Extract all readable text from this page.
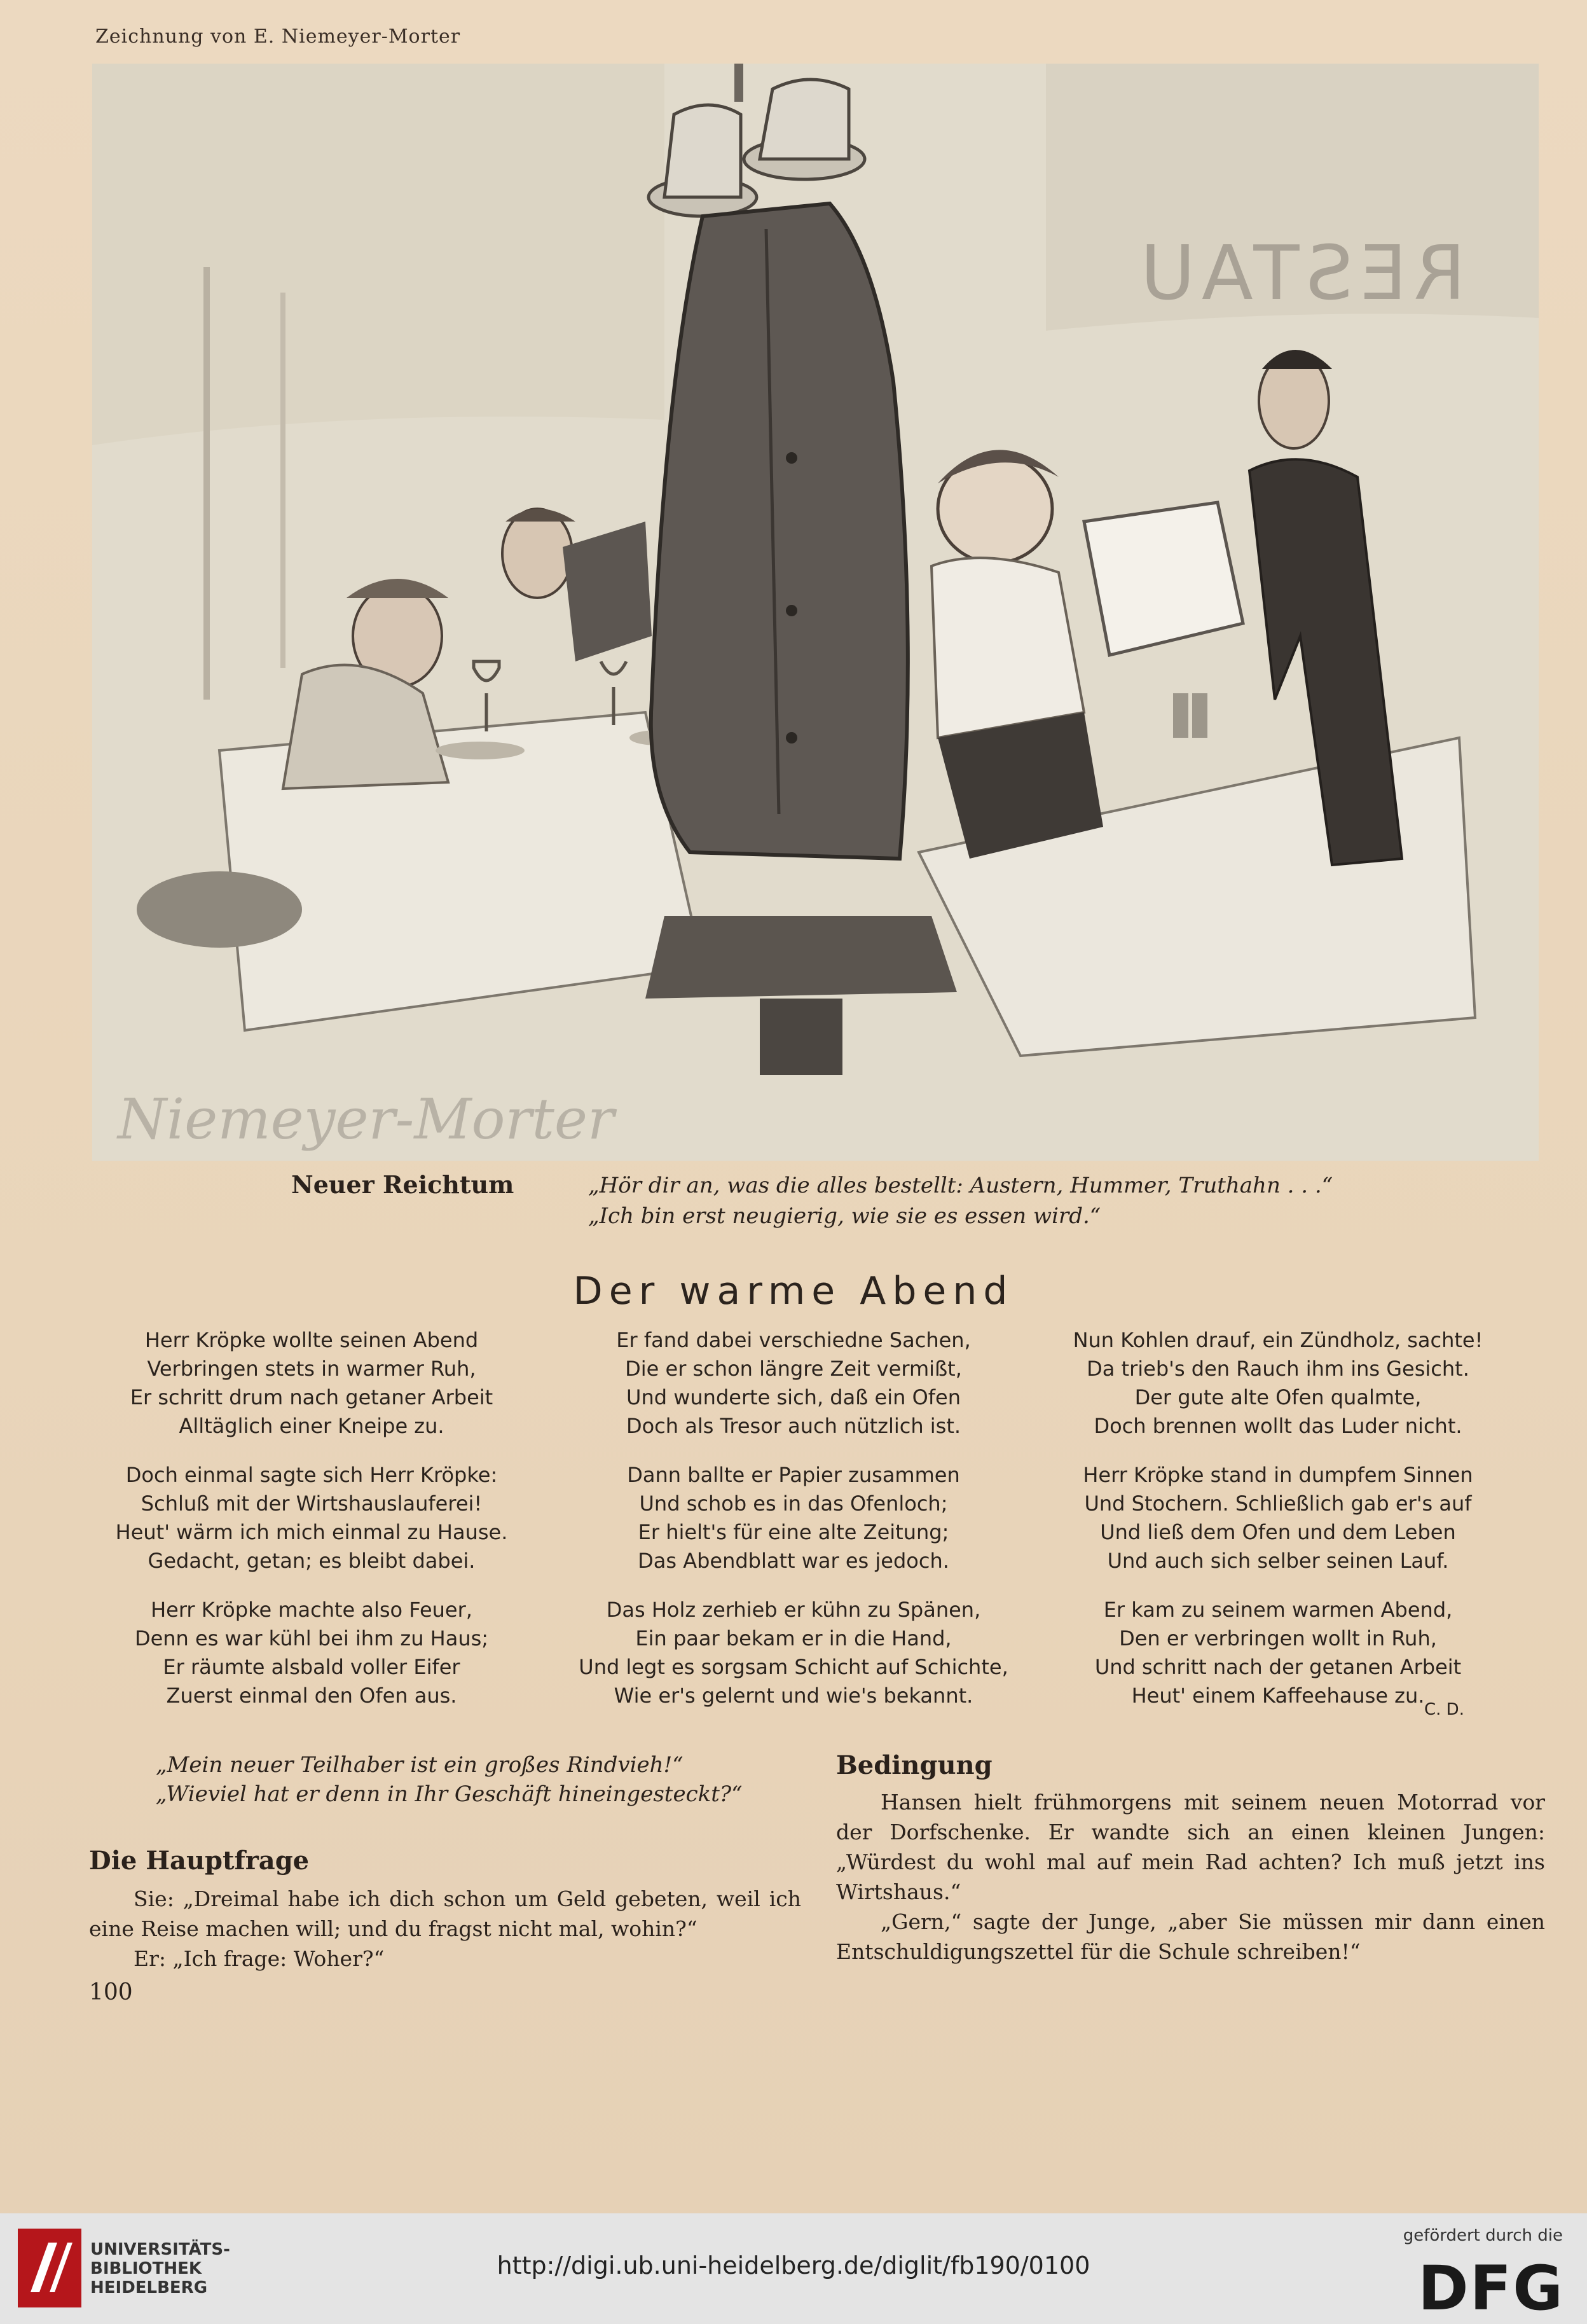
Zeichnung von E. Niemeyer-Morter
RESTAU
Niemeyer-Morter
Neuer Reichtum	„Hör dir an, was die alles bestellt: Austern, Hummer, Truthahn . . .“
„Ich bin erst neugierig, wie sie es essen wird.“
Der warme Abend
Herr Kröpke wollte seinen Abend
Verbringen stets in warmer Ruh,
Er schritt drum nach getaner Arbeit
Alltäglich einer Kneipe zu.
Doch einmal sagte sich Herr Kröpke:
Schluß mit der Wirtshauslauferei!
Heut' wärm ich mich einmal zu Hause.
Gedacht, getan; es bleibt dabei.
Herr Kröpke machte also Feuer,
Denn es war kühl bei ihm zu Haus;
Er räumte alsbald voller Eifer
Zuerst einmal den Ofen aus.
Er fand dabei verschiedne Sachen,
Die er schon längre Zeit vermißt,
Und wunderte sich, daß ein Ofen
Doch als Tresor auch nützlich ist.
Dann ballte er Papier zusammen
Und schob es in das Ofenloch;
Er hielt's für eine alte Zeitung;
Das Abendblatt war es jedoch.
Das Holz zerhieb er kühn zu Spänen,
Ein paar bekam er in die Hand,
Und legt es sorgsam Schicht auf Schichte,
Wie er's gelernt und wie's bekannt.
Nun Kohlen drauf, ein Zündholz, sachte!
Da trieb's den Rauch ihm ins Gesicht.
Der gute alte Ofen qualmte,
Doch brennen wollt das Luder nicht.
Herr Kröpke stand in dumpfem Sinnen
Und Stochern. Schließlich gab er's auf
Und ließ dem Ofen und dem Leben
Und auch sich selber seinen Lauf.
Er kam zu seinem warmen Abend,
Den er verbringen wollt in Ruh,
Und schritt nach der getanen Arbeit
Heut' einem Kaffeehause zu.
C. D.
„Mein neuer Teilhaber ist ein großes Rindvieh!“
„Wieviel hat er denn in Ihr Geschäft hineingesteckt?“
Die Hauptfrage

Sie: „Dreimal habe ich dich schon um Geld gebeten, weil ich eine Reise machen will; und du fragst nicht mal, wohin?“

Er: „Ich frage: Woher?“

Bedingung

Hansen hielt frühmorgens mit seinem neuen Motorrad vor der Dorfschenke. Er wandte sich an einen kleinen Jungen: „Würdest du wohl mal auf mein Rad achten? Ich muß jetzt ins Wirtshaus.“

„Gern,“ sagte der Junge, „aber Sie müssen mir dann einen Entschuldigungszettel für die Schule schreiben!“

100
UNIVERSITÄTS-
BIBLIOTHEK
HEIDELBERG
http://digi.ub.uni-heidelberg.de/diglit/fb190/0100
gefördert durch die
DFG
